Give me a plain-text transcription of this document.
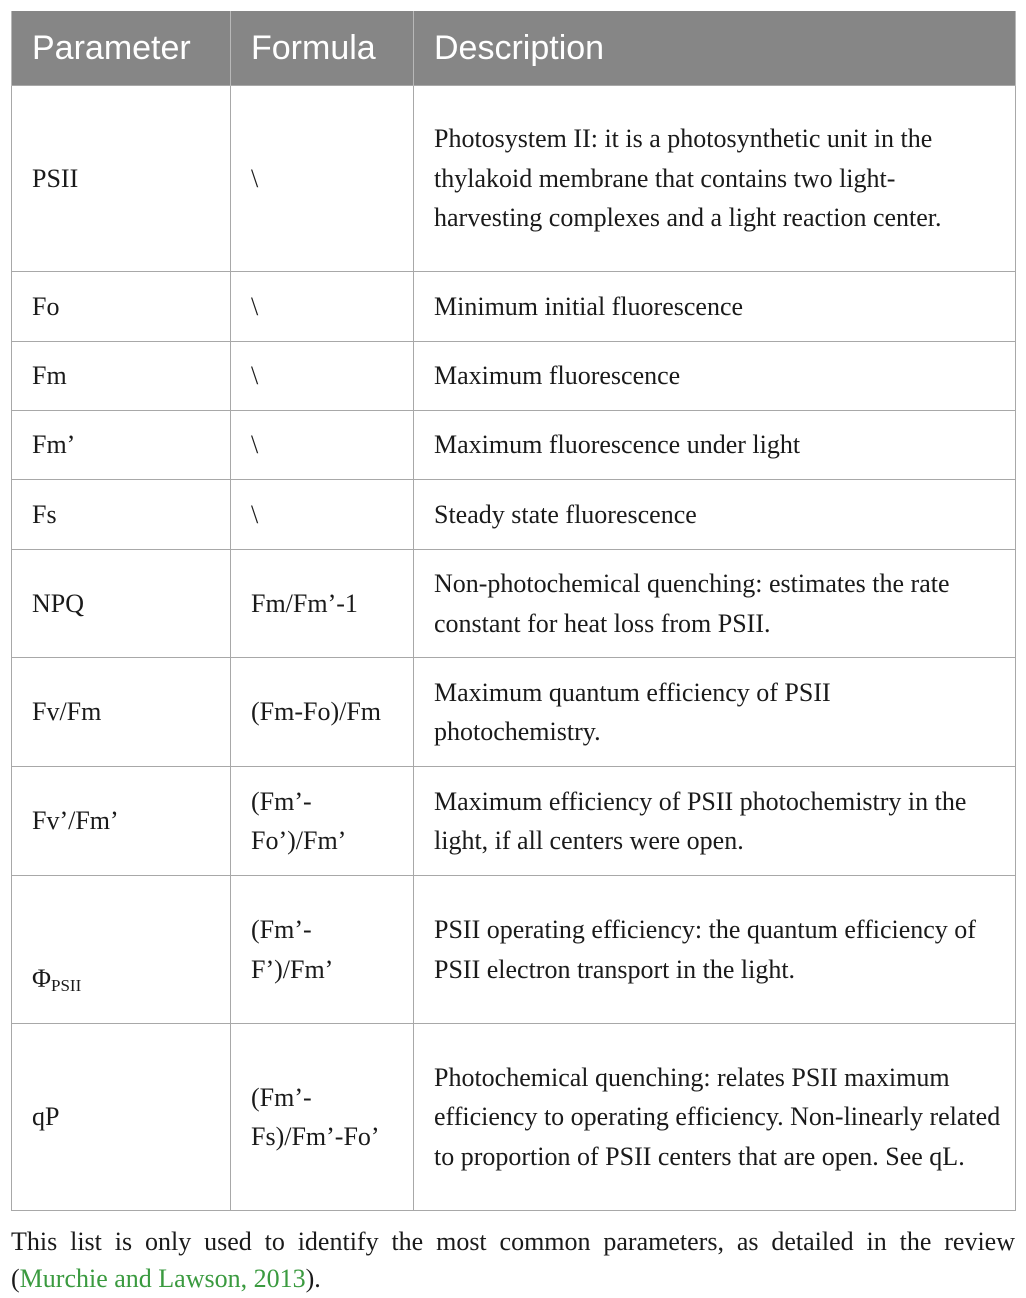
Parameter	Formula	Description
PSII	\	Photosystem II: it is a photosynthetic unit in the thylakoid membrane that contains two light-harvesting complexes and a light reaction center.
Fo	\	Minimum initial fluorescence
Fm	\	Maximum fluorescence
Fm’	\	Maximum fluorescence under light
Fs	\	Steady state fluorescence
NPQ	Fm/Fm’-1	Non-photochemical quenching: estimates the rate constant for heat loss from PSII.
Fv/Fm	(Fm-Fo)/Fm	Maximum quantum efficiency of PSII photochemistry.
Fv’/Fm’	(Fm’-Fo’)/Fm’	Maximum efficiency of PSII photochemistry in the light, if all centers were open.
$\Phi_{PSII}$	(Fm’-F’)/Fm’	PSII operating efficiency: the quantum efficiency of PSII electron transport in the light.
qP	(Fm’-Fs)/Fm’-Fo’	Photochemical quenching: relates PSII maximum efficiency to operating efficiency. Non-linearly related to proportion of PSII centers that are open. See qL.
This list is only used to identify the most common parameters, as detailed in the review (Murchie and Lawson, 2013).
